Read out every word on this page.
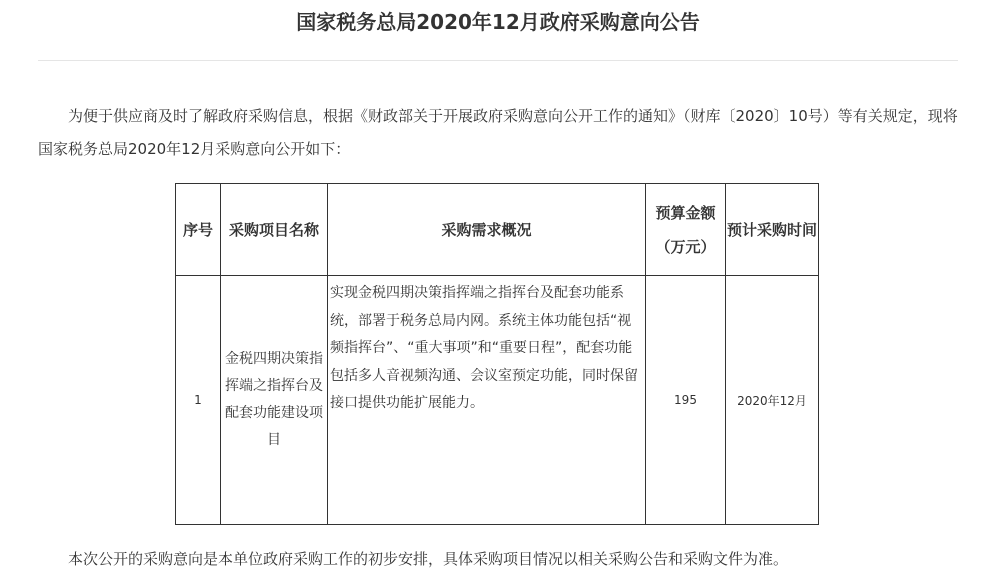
国家税务总局2020年12月政府采购意向公告

为便于供应商及时了解政府采购信息，根据《财政部关于开展政府采购意向公开工作的通知》（财库〔2020〕10号）等有关规定，现将国家税务总局2020年12月采购意向公开如下：

序号	采购项目名称	采购需求概况	预算金额（万元）	预计采购时间
1	金税四期决策指挥端之指挥台及配套功能建设项目	实现金税四期决策指挥端之指挥台及配套功能系统，部署于税务总局内网。系统主体功能包括“视频指挥台”、“重大事项”和“重要日程”，配套功能包括多人音视频沟通、会议室预定功能，同时保留接口提供功能扩展能力。	195	2020年12月

本次公开的采购意向是本单位政府采购工作的初步安排，具体采购项目情况以相关采购公告和采购文件为准。
